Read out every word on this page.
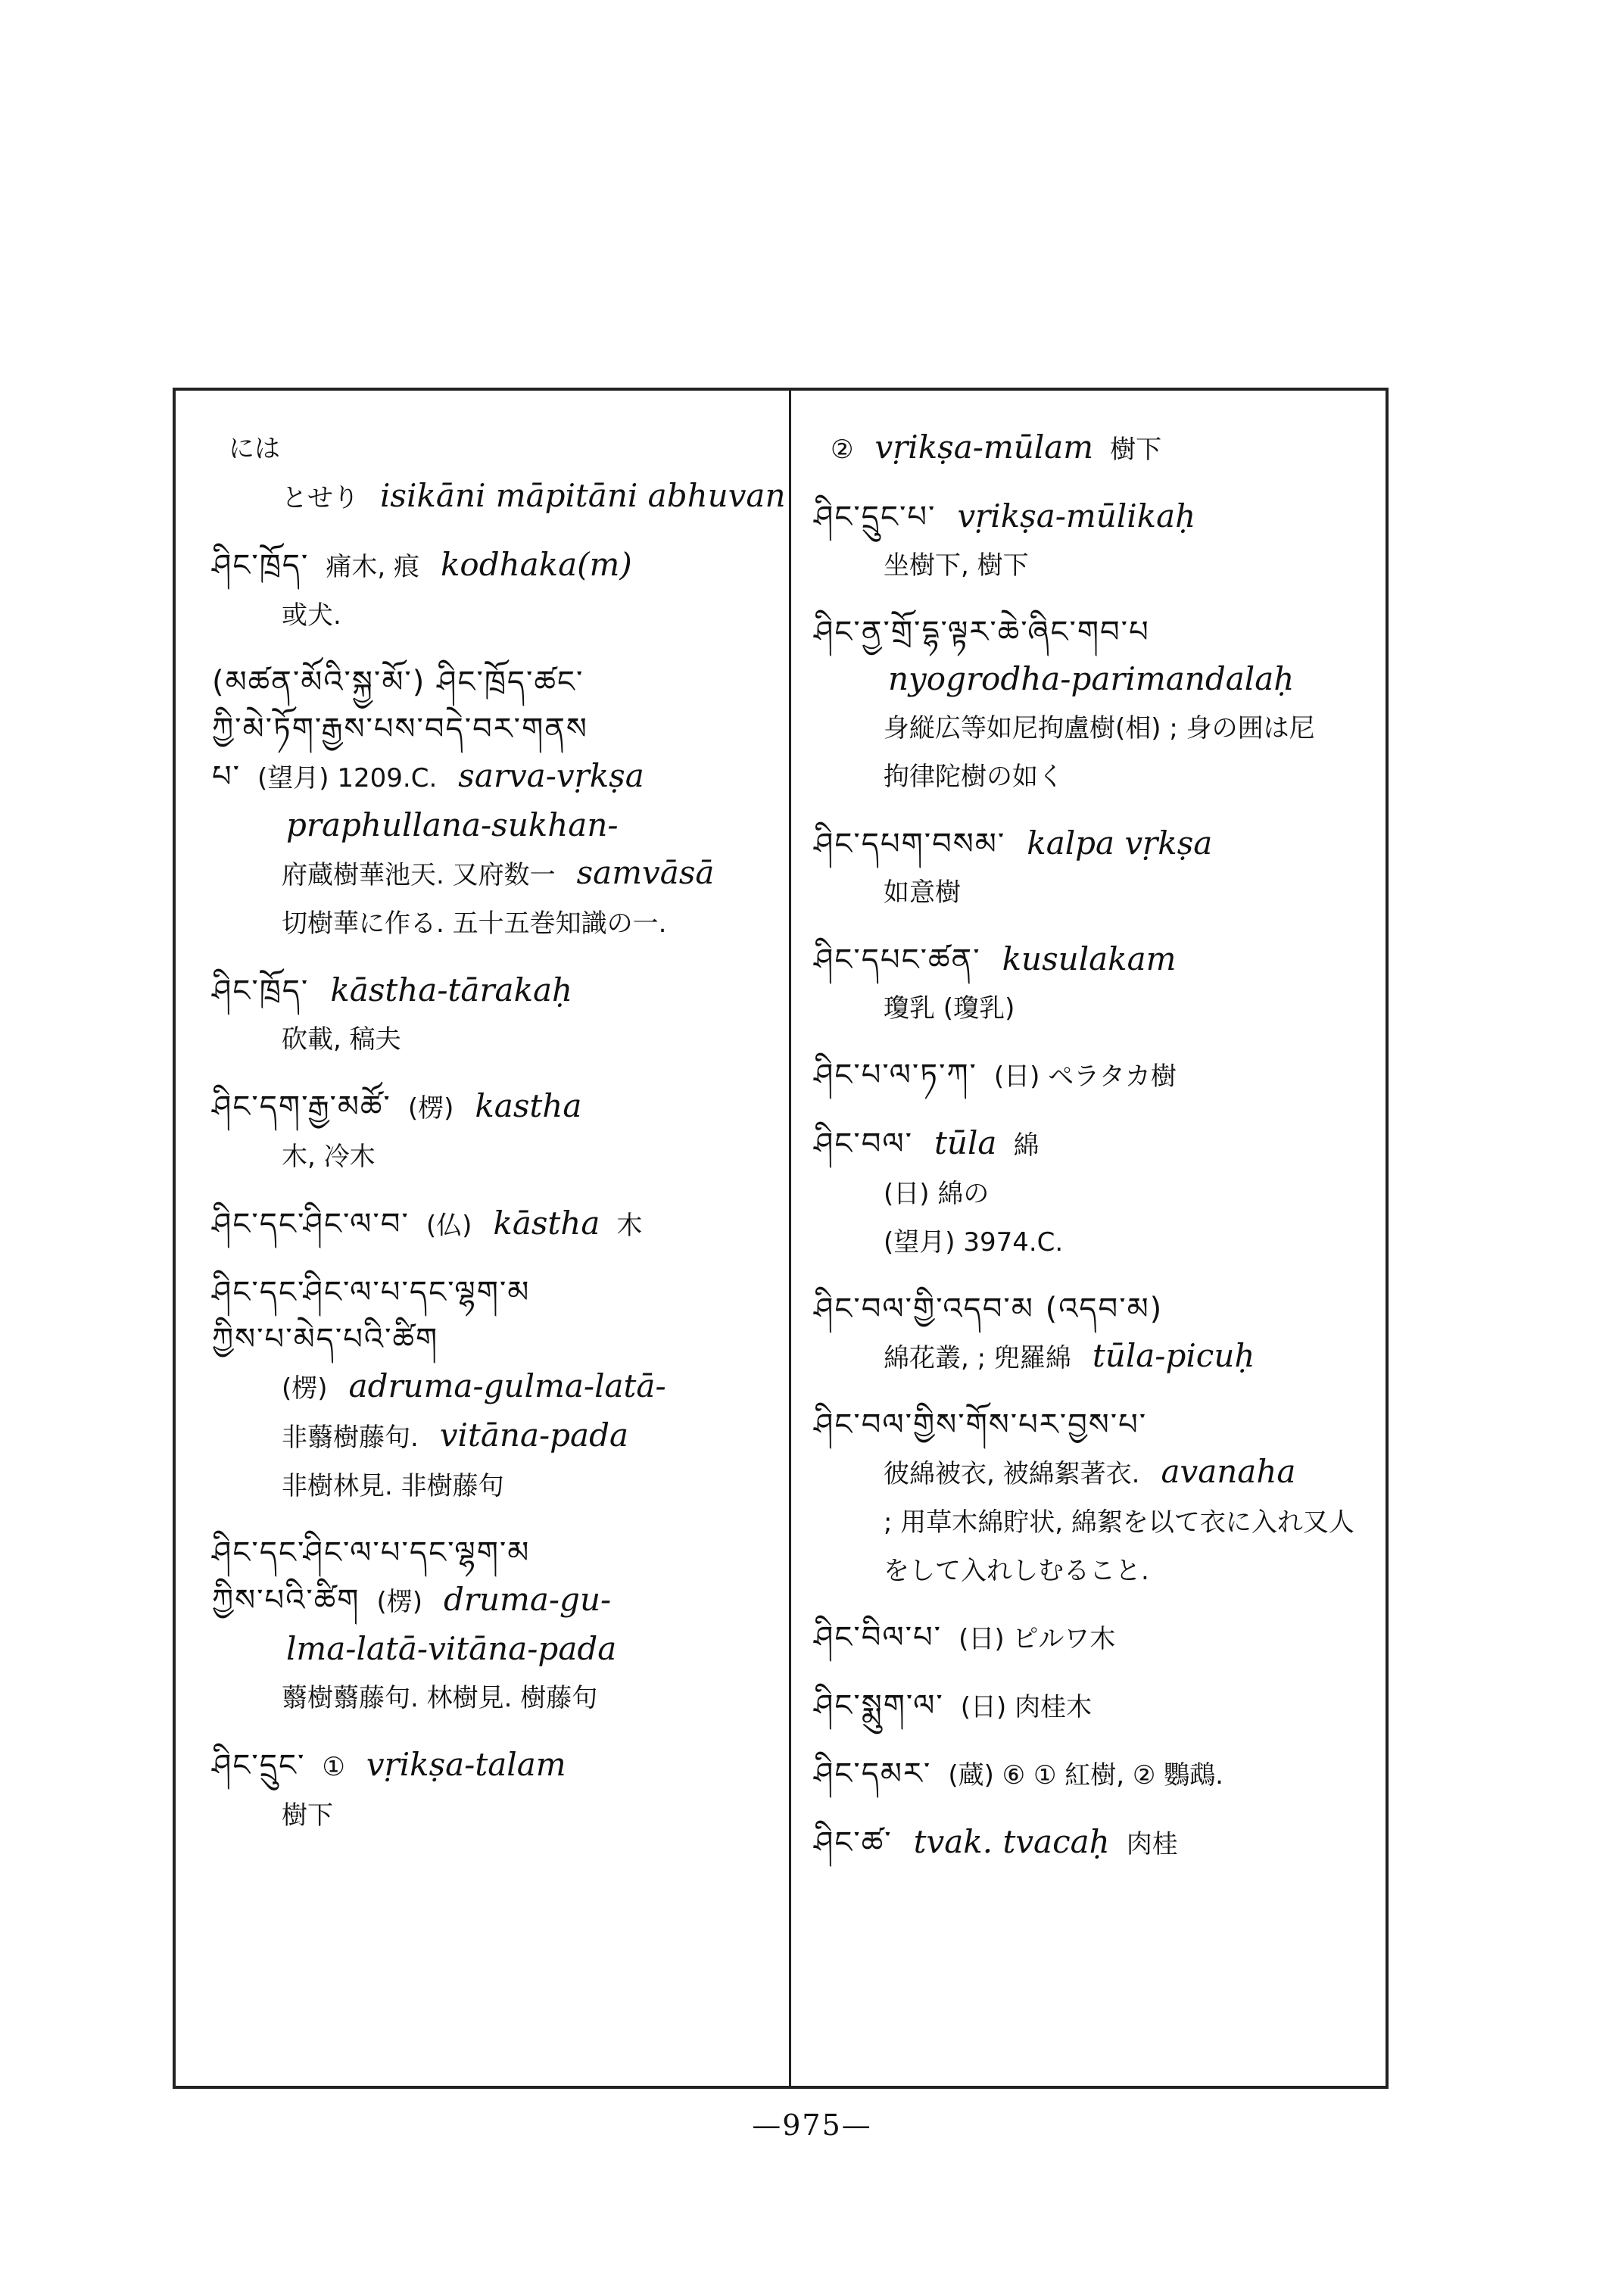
には
とせり isikāni māpitāni abhuvan
ཤིང་ཁྲོད་ 痛木, 痕 kodhaka(m)
或犬.
(མཚན་མོའི་སྐྱ་མོ་) ཤིང་ཁྲོད་ཚང་
ཀྱི་མེ་ཏོག་རྒྱས་པས་བདེ་བར་གནས
པ་ (望月) 1209.C. sarva-vṛkṣa
praphullana-sukhan-
府蔵樹華池天. 又府数一 samvāsā
切樹華に作る. 五十五巻知識の一.
ཤིང་ཁྲོད་ kāstha-tārakaḥ
砍載, 稿夫
ཤིང་དག་རྒྱ་མཚོ་ (楞) kastha
木, 冷木
ཤིང་དང་ཤིང་ལ་བ་ (仏) kāstha 木
ཤིང་དང་ཤིང་ལ་པ་དང་ལྷག་མ
ཀྱིས་པ་མེད་པའི་ཚིག
(楞) adruma-gulma-latā-
非蘙樹藤句. vitāna-pada
非樹林見. 非樹藤句
ཤིང་དང་ཤིང་ལ་པ་དང་ལྷག་མ
ཀྱིས་པའི་ཚིག (楞) druma-gu-
lma-latā-vitāna-pada
蘙樹蘙藤句. 林樹見. 樹藤句
ཤིང་དྲུང་ ① vṛikṣa-talam
樹下
② vṛikṣa-mūlam 樹下
ཤིང་དྲུང་པ་ vṛikṣa-mūlikaḥ
坐樹下, 樹下
ཤིང་ནྱ་གྲོ་དྷ་ལྟར་ཆེ་ཞིང་གབ་པ
nyogrodha-parimandalaḥ
身縦広等如尼拘盧樹(相) ; 身の囲は尼
拘律陀樹の如く
ཤིང་དཔག་བསམ་ kalpa vṛkṣa
如意樹
ཤིང་དཔང་ཚན་ kusulakam
瓊乳 (瓊乳)
ཤིང་པ་ལ་ཏ་ཀ་ (日) ペラタカ樹
ཤིང་བལ་ tūla 綿
(日) 綿の
(望月) 3974.C.
ཤིང་བལ་གྱི་འདབ་མ (འདབ་མ)
綿花叢, ; 兜羅綿 tūla-picuḥ
ཤིང་བལ་གྱིས་གོས་པར་བྱས་པ་
彼綿被衣, 被綿絮著衣. avanaha
; 用草木綿貯状, 綿絮を以て衣に入れ又人
をして入れしむること.
ཤིང་བིལ་པ་ (日) ピルワ木
ཤིང་སྨུག་ལ་ (日) 肉桂木
ཤིང་དམར་ (蔵) ⑥ ① 紅樹, ② 鸚鵡.
ཤིང་ཚ་ tvak. tvacaḥ 肉桂
—975—
